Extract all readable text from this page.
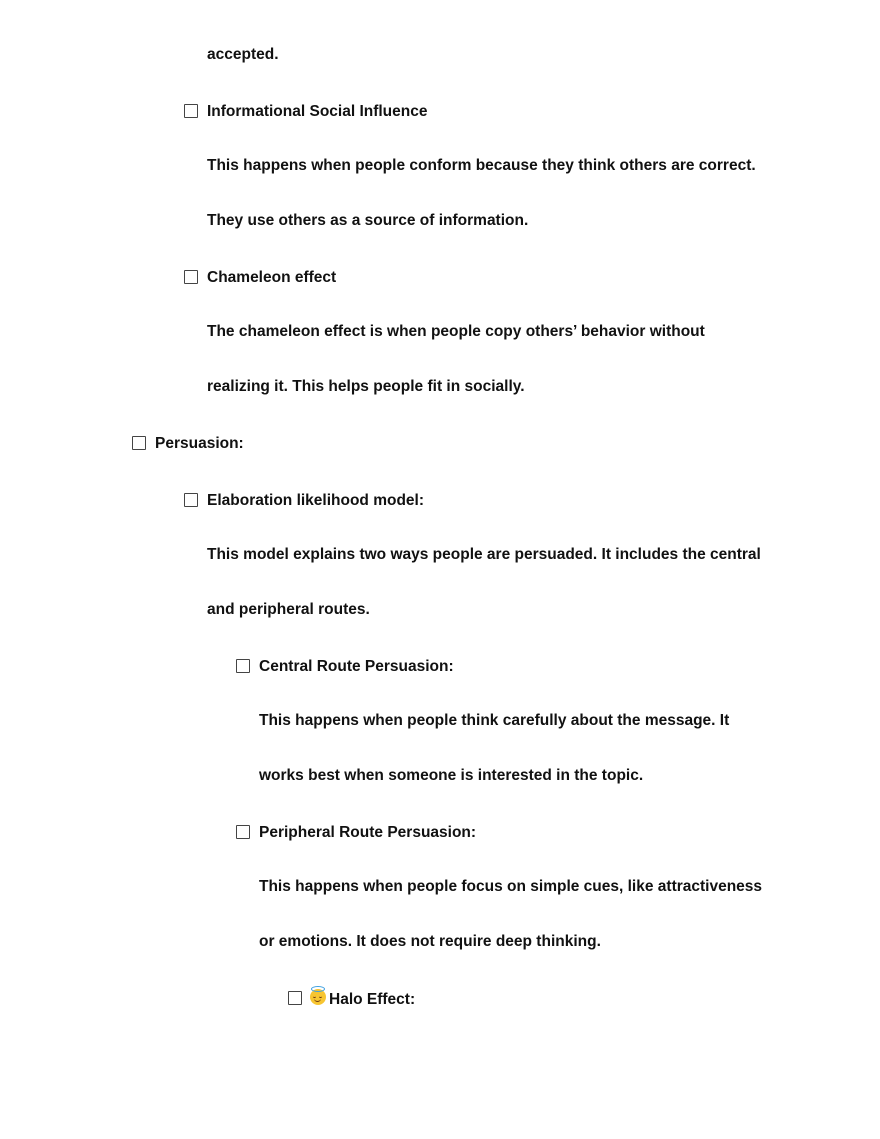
accepted.
Informational Social Influence
This happens when people conform because they think others are correct.
They use others as a source of information.
Chameleon effect
The chameleon effect is when people copy others’ behavior without
realizing it. This helps people fit in socially.
Persuasion:
Elaboration likelihood model:
This model explains two ways people are persuaded. It includes the central
and peripheral routes.
Central Route Persuasion:
This happens when people think carefully about the message. It
works best when someone is interested in the topic.
Peripheral Route Persuasion:
This happens when people focus on simple cues, like attractiveness
or emotions. It does not require deep thinking.
Halo Effect:
